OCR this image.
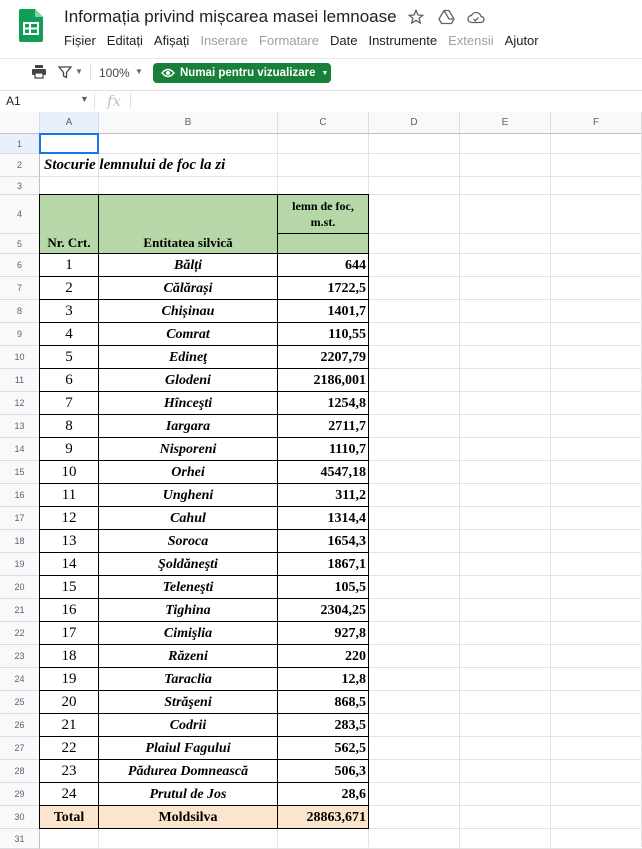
Informația privind mișcarea masei lemnoase
Fișier Editați Afișați Inserare Formatare Date Instrumente Extensii Ajutor
▼ 100% ▼	Numai pentru vizualizare ▼
A1	▼ fx
A	B	C	D	E	F
1
2
3
4
5
6
7
8
9
10
11
12
13
14
15
16
17
18
19
20
21
22
23
24
25
26
27
28
29
30
31
Stocurie lemnului de foc la zi
Nr. Crt.	Entitatea silvică
lemn de foc, m.st.
1	Bălți	644
2	Călărași	1722,5
3	Chișinau	1401,7
4	Comrat	110,55
5	Edineţ	2207,79
6	Glodeni	2186,001
7	Hînceşti	1254,8
8	Iargara	2711,7
9	Nisporeni	1110,7
10	Orhei	4547,18
11	Ungheni	311,2
12	Cahul	1314,4
13	Soroca	1654,3
14	Şoldăneşti	1867,1
15	Teleneşti	105,5
16	Tighina	2304,25
17	Cimişlia	927,8
18	Răzeni	220
19	Taraclia	12,8
20	Străşeni	868,5
21	Codrii	283,5
22	Plaiul Fagului	562,5
23	Pădurea Domnească	506,3
24	Prutul de Jos	28,6
Total	Moldsilva	28863,671
